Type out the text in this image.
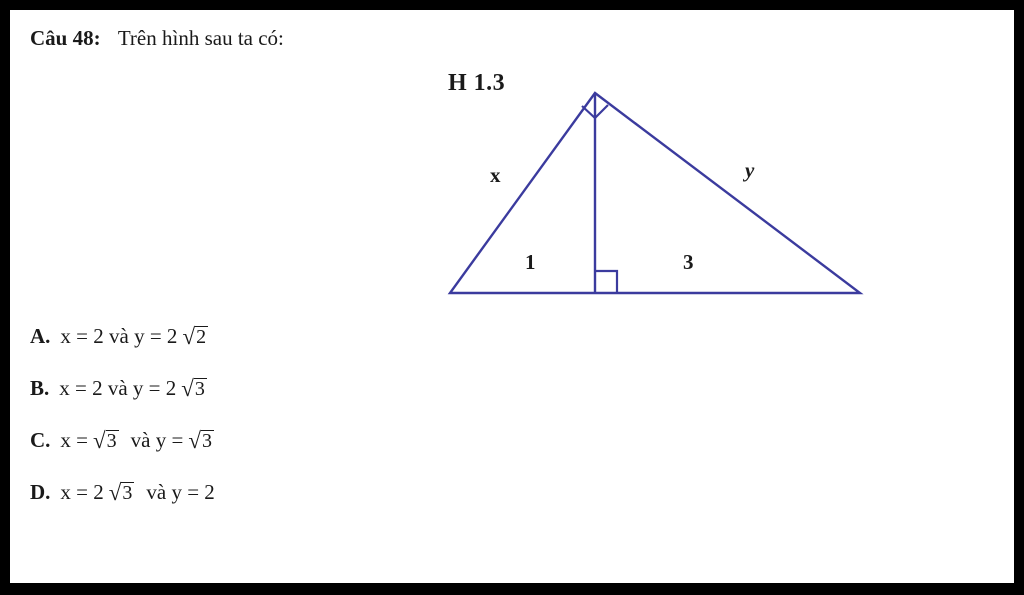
Câu 48: Trên hình sau ta có:
H 1.3
x	y
1	3
A. x = 2 và y = 2 √ 2
B. x = 2 và y = 2 √ 3
C. x = √ 3 và y = √ 3
D. x = 2 √ 3 và y = 2
